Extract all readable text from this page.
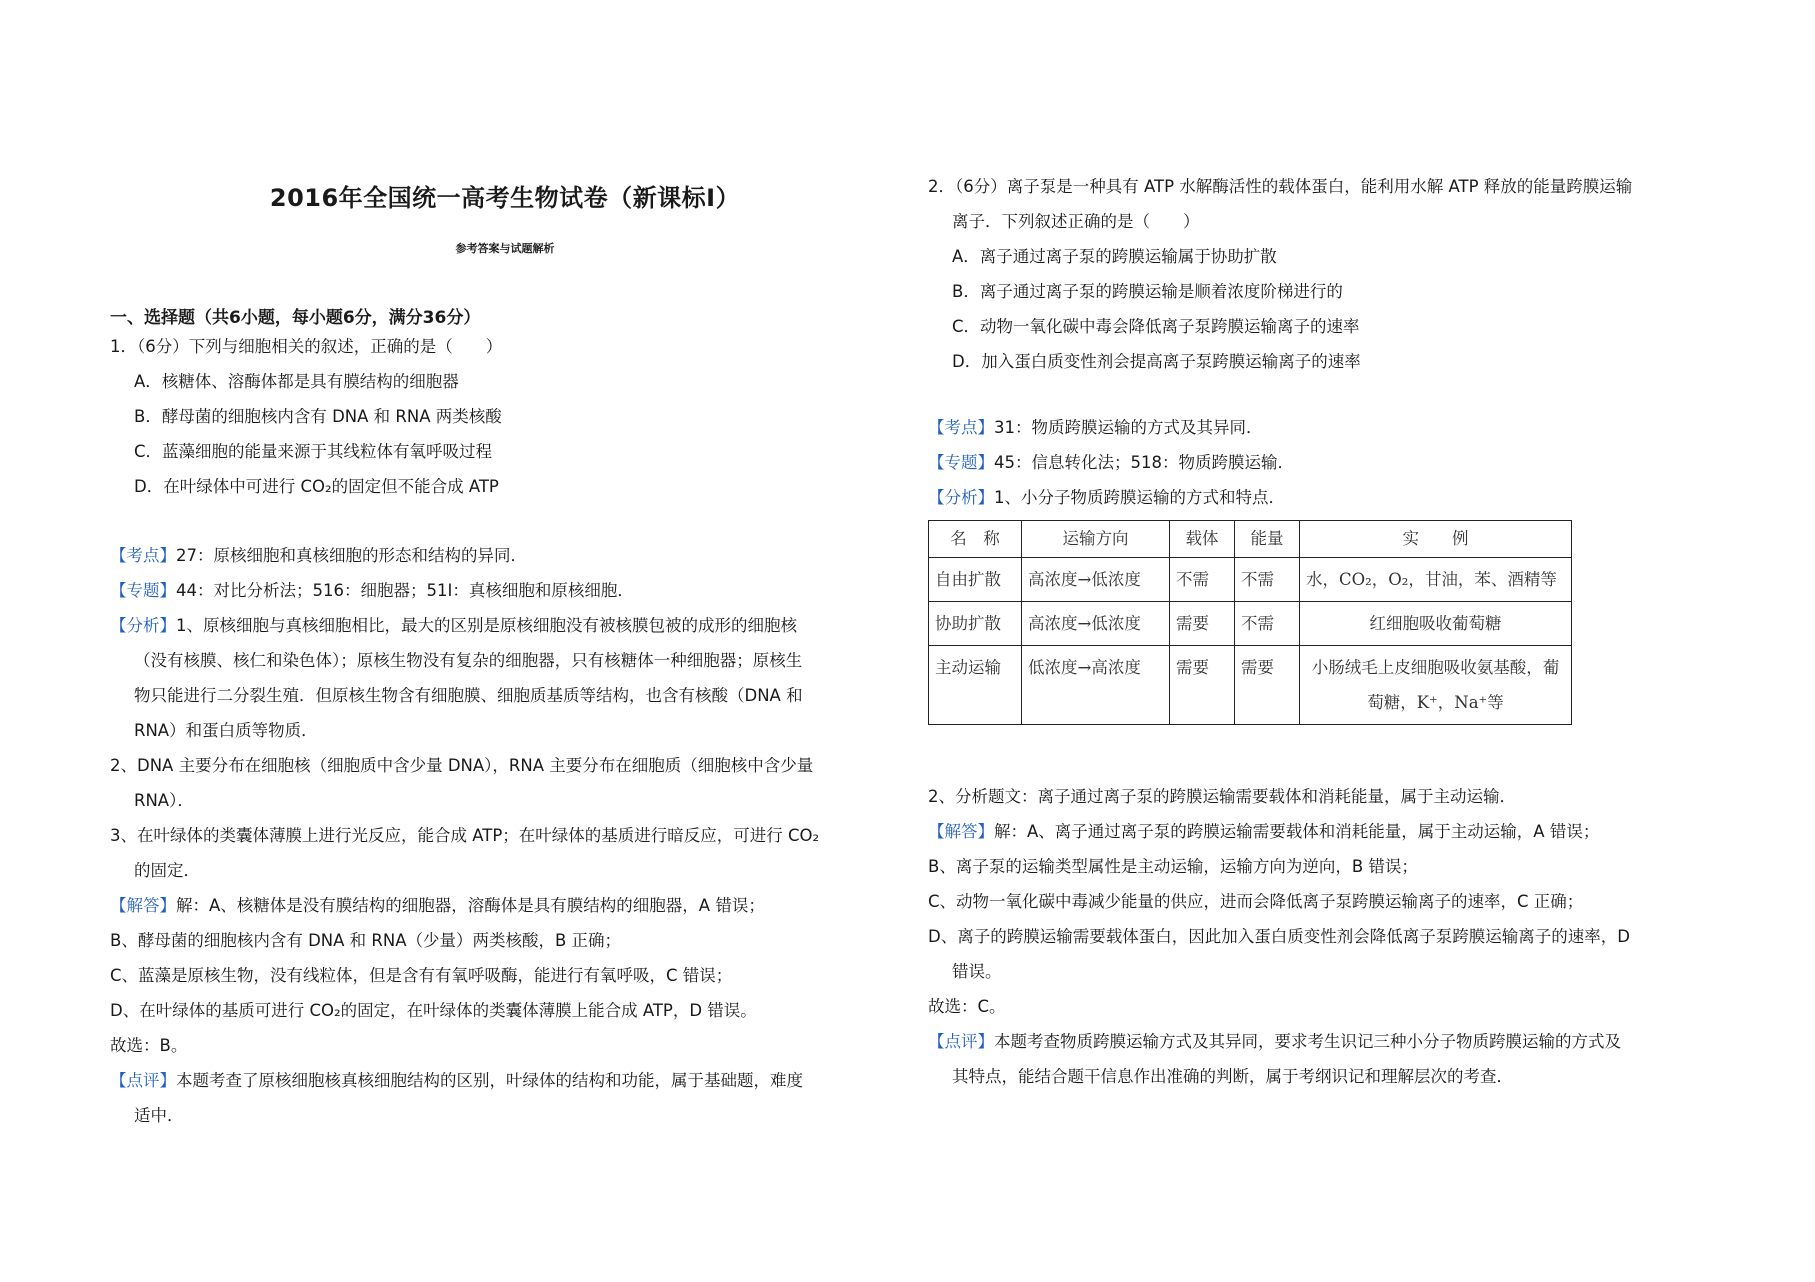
2016年全国统一高考生物试卷（新课标I）
参考答案与试题解析
一、选择题（共6小题，每小题6分，满分36分）
1．（6分）下列与细胞相关的叙述，正确的是（　　）
A．核糖体、溶酶体都是具有膜结构的细胞器
B．酵母菌的细胞核内含有 DNA 和 RNA 两类核酸
C．蓝藻细胞的能量来源于其线粒体有氧呼吸过程
D．在叶绿体中可进行 CO₂的固定但不能合成 ATP
【考点】27：原核细胞和真核细胞的形态和结构的异同．
【专题】44：对比分析法；516：细胞器；51I：真核细胞和原核细胞．
【分析】1、原核细胞与真核细胞相比，最大的区别是原核细胞没有被核膜包被的成形的细胞核
（没有核膜、核仁和染色体）；原核生物没有复杂的细胞器，只有核糖体一种细胞器；原核生
物只能进行二分裂生殖．但原核生物含有细胞膜、细胞质基质等结构，也含有核酸（DNA 和
RNA）和蛋白质等物质．
2、DNA 主要分布在细胞核（细胞质中含少量 DNA），RNA 主要分布在细胞质（细胞核中含少量
RNA）．
3、在叶绿体的类囊体薄膜上进行光反应，能合成 ATP；在叶绿体的基质进行暗反应，可进行 CO₂
的固定．
【解答】解：A、核糖体是没有膜结构的细胞器，溶酶体是具有膜结构的细胞器，A 错误；
B、酵母菌的细胞核内含有 DNA 和 RNA（少量）两类核酸，B 正确；
C、蓝藻是原核生物，没有线粒体，但是含有有氧呼吸酶，能进行有氧呼吸，C 错误；
D、在叶绿体的基质可进行 CO₂的固定，在叶绿体的类囊体薄膜上能合成 ATP，D 错误。
故选：B。
【点评】本题考查了原核细胞核真核细胞结构的区别，叶绿体的结构和功能，属于基础题，难度
适中．
2．（6分）离子泵是一种具有 ATP 水解酶活性的载体蛋白，能利用水解 ATP 释放的能量跨膜运输
离子．下列叙述正确的是（　　）
A．离子通过离子泵的跨膜运输属于协助扩散
B．离子通过离子泵的跨膜运输是顺着浓度阶梯进行的
C．动物一氧化碳中毒会降低离子泵跨膜运输离子的速率
D．加入蛋白质变性剂会提高离子泵跨膜运输离子的速率
【考点】31：物质跨膜运输的方式及其异同．
【专题】45：信息转化法；518：物质跨膜运输．
【分析】1、小分子物质跨膜运输的方式和特点．
名　称	运输方向	载体	能量	实　　例
自由扩散	高浓度→低浓度	不需	不需	水，CO₂，O₂，甘油，苯、酒精等
协助扩散	高浓度→低浓度	需要	不需	红细胞吸收葡萄糖
主动运输	低浓度→高浓度	需要	需要	小肠绒毛上皮细胞吸收氨基酸，葡萄糖，K⁺，Na⁺等
2、分析题文：离子通过离子泵的跨膜运输需要载体和消耗能量，属于主动运输．
【解答】解：A、离子通过离子泵的跨膜运输需要载体和消耗能量，属于主动运输，A 错误；
B、离子泵的运输类型属性是主动运输，运输方向为逆向，B 错误；
C、动物一氧化碳中毒减少能量的供应，进而会降低离子泵跨膜运输离子的速率，C 正确；
D、离子的跨膜运输需要载体蛋白，因此加入蛋白质变性剂会降低离子泵跨膜运输离子的速率，D
错误。
故选：C。
【点评】本题考查物质跨膜运输方式及其异同，要求考生识记三种小分子物质跨膜运输的方式及
其特点，能结合题干信息作出准确的判断，属于考纲识记和理解层次的考查．
